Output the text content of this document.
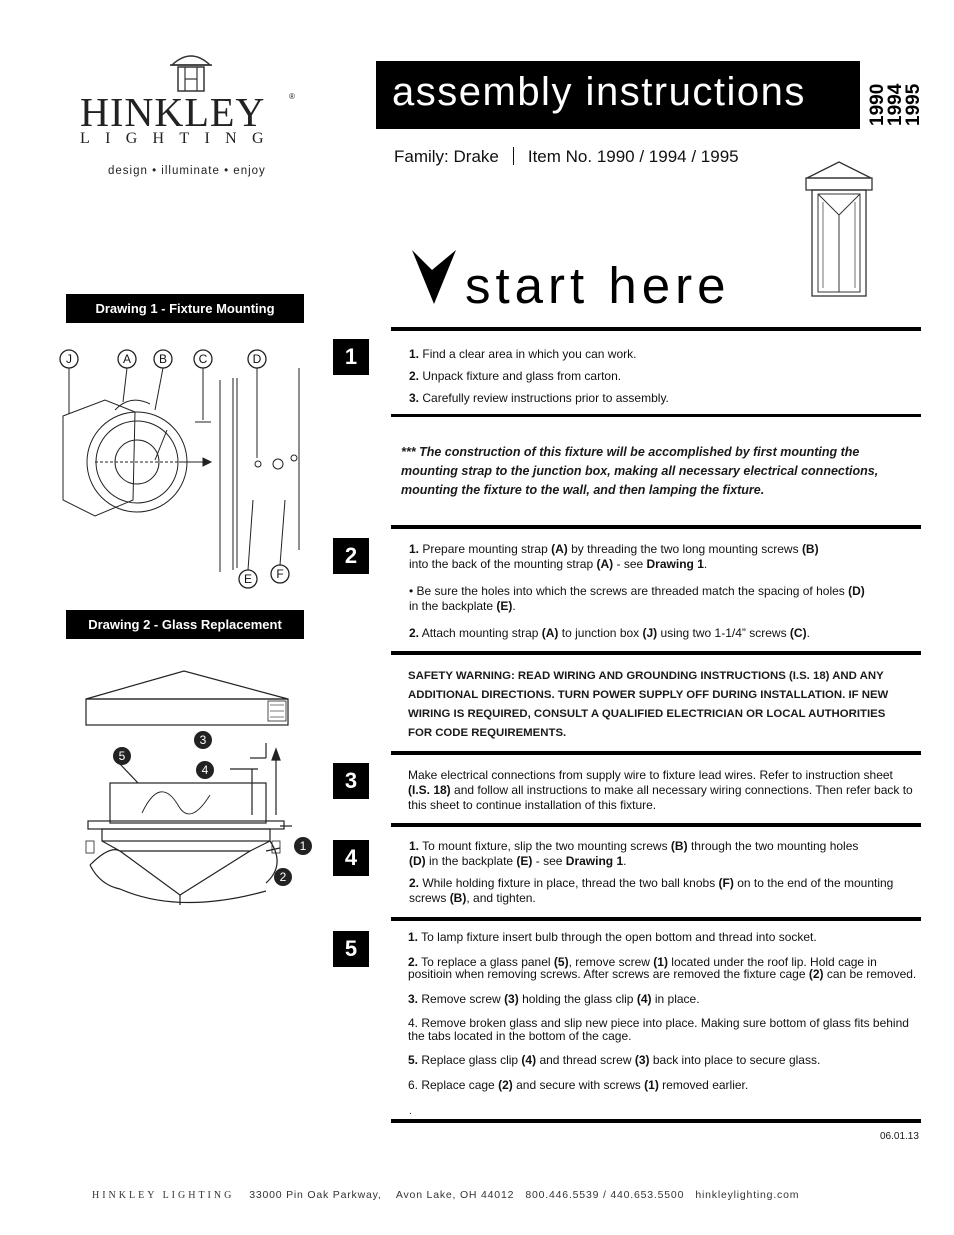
HINKLEY	®
LIGHTING
design • illuminate • enjoy
assembly instructions	1990
1994
1995
Family: Drake Item No. 1990 / 1994 / 1995
start here
Drawing 1 - Fixture Mounting
J	A B	C	D
E F
Drawing 2 - Glass Replacement
3
5
4
1
2
1	1. Find a clear area in which you can work.

2. Unpack fixture and glass from carton.

3. Carefully review instructions prior to assembly.

*** The construction of this fixture will be accomplished by first mounting the mounting strap to the junction box, making all necessary electrical connections, mounting the fixture to the wall, and then lamping the fixture.
2	1. Prepare mounting strap (A) by threading the two long mounting screws (B)
into the back of the mounting strap (A) - see Drawing 1.

• Be sure the holes into which the screws are threaded match the spacing of holes (D)
in the backplate (E).

2. Attach mounting strap (A) to junction box (J) using two 1-1/4” screws (C).

SAFETY WARNING: READ WIRING AND GROUNDING INSTRUCTIONS (I.S. 18) AND ANY ADDITIONAL DIRECTIONS. TURN POWER SUPPLY OFF DURING INSTALLATION. IF NEW WIRING IS REQUIRED, CONSULT A QUALIFIED ELECTRICIAN OR LOCAL AUTHORITIES FOR CODE REQUIREMENTS.
3	Make electrical connections from supply wire to fixture lead wires. Refer to instruction sheet (I.S. 18) and follow all instructions to make all necessary wiring connections. Then refer back to this sheet to continue installation of this fixture.
4	1. To mount fixture, slip the two mounting screws (B) through the two mounting holes
(D) in the backplate (E) - see Drawing 1.

2. While holding fixture in place, thread the two ball knobs (F) on to the end of the mounting screws (B), and tighten.

5	1. To lamp fixture insert bulb through the open bottom and thread into socket.

2. To replace a glass panel (5), remove screw (1) located under the roof lip. Hold cage in positioin when removing screws. After screws are removed the fixture cage (2) can be removed.

3. Remove screw (3) holding the glass clip (4) in place.

4. Remove broken glass and slip new piece into place. Making sure bottom of glass fits behind the tabs located in the bottom of the cage.

5. Replace glass clip (4) and thread screw (3) back into place to secure glass.

6. Replace cage (2) and secure with screws (1) removed earlier.

.
06.01.13
HINKLEY LIGHTING 33000 Pin Oak Parkway, Avon Lake, OH 44012 800.446.5539 / 440.653.5500 hinkleylighting.com
